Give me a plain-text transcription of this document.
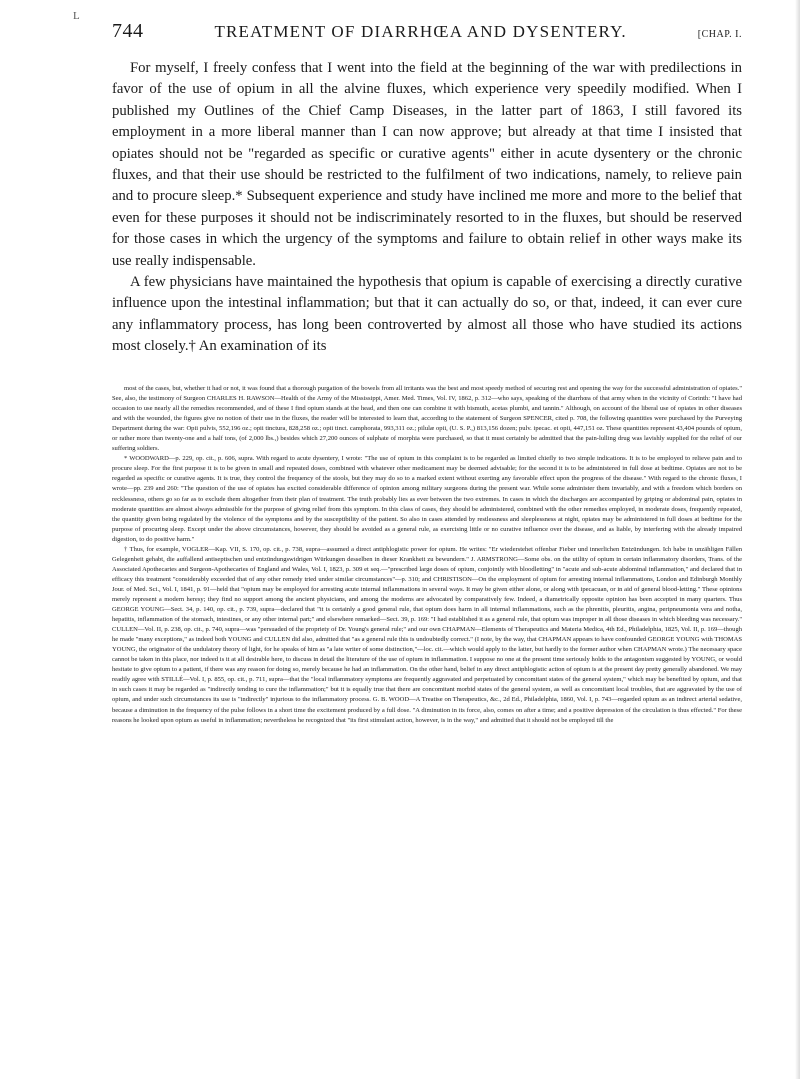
L
744	TREATMENT OF DIARRHŒA AND DYSENTERY.	[CHAP. I.

For myself, I freely confess that I went into the field at the beginning of the war with predilections in favor of the use of opium in all the alvine fluxes, which experience very speedily modified. When I published my Outlines of the Chief Camp Diseases, in the latter part of 1863, I still favored its employment in a more liberal manner than I can now approve; but already at that time I insisted that opiates should not be "regarded as specific or curative agents" either in acute dysentery or the chronic fluxes, and that their use should be restricted to the fulfilment of two indications, namely, to relieve pain and to procure sleep.* Subsequent experience and study have inclined me more and more to the belief that even for these purposes it should not be indiscriminately resorted to in the fluxes, but should be reserved for those cases in which the urgency of the symptoms and failure to obtain relief in other ways make its use really indispensable.

A few physicians have maintained the hypothesis that opium is capable of exercising a directly curative influence upon the intestinal inflammation; but that it can actually do so, or that, indeed, it can ever cure any inflammatory process, has long been controverted by almost all those who have studied its actions most closely.† An examination of its

most of the cases, but, whether it had or not, it was found that a thorough purgation of the bowels from all irritants was the best and most speedy method of securing rest and opening the way for the successful administration of opiates." See, also, the testimony of Surgeon CHARLES H. RAWSON—Health of the Army of the Mississippi, Amer. Med. Times, Vol. IV, 1862, p. 312—who says, speaking of the diarrhœa of that army when in the vicinity of Corinth: "I have had occasion to use nearly all the remedies recommended, and of these I find opium stands at the head, and then one can combine it with bismuth, acetas plumbi, and tannin." Although, on account of the liberal use of opiates in other diseases and with the wounded, the figures give no notion of their use in the fluxes, the reader will be interested to learn that, according to the statement of Surgeon SPENCER, cited p. 708, the following quantities were purchased by the Purveying Department during the war: Opii pulvis, 552,196 oz.; opii tinctura, 828,258 oz.; opii tinct. camphorata, 993,311 oz.; pilulæ opii, (U. S. P.,) 813,156 dozen; pulv. ipecac. et opii, 447,151 oz. These quantities represent 43,404 pounds of opium, or rather more than twenty-one and a half tons, (of 2,000 lbs.,) besides which 27,200 ounces of sulphate of morphia were purchased, so that it must certainly be admitted that the pain-lulling drug was lavishly supplied for the relief of our suffering soldiers.

* WOODWARD—p. 229, op. cit., p. 606, supra. With regard to acute dysentery, I wrote: "The use of opium in this complaint is to be regarded as limited chiefly to two simple indications. It is to be employed to relieve pain and to procure sleep. For the first purpose it is to be given in small and repeated doses, combined with whatever other medicament may be deemed advisable; for the second it is to be administered in full dose at bedtime. Opiates are not to be regarded as specific or curative agents. It is true, they control the frequency of the stools, but they may do so to a marked extent without exerting any favorable effect upon the progress of the disease." With regard to the chronic fluxes, I wrote—pp. 239 and 260: "The question of the use of opiates has excited considerable difference of opinion among military surgeons during the present war. While some administer them invariably, and with a freedom which borders on recklessness, others go so far as to exclude them altogether from their plan of treatment. The truth probably lies as ever between the two extremes. In cases in which the discharges are accompanied by griping or abdominal pain, opiates in moderate quantities are almost always admissible for the purpose of giving relief from this symptom. In this class of cases, they should be administered, combined with the other remedies employed, in moderate doses, frequently repeated, the quantity given being regulated by the violence of the symptoms and by the susceptibility of the patient. So also in cases attended by restlessness and sleeplessness at night, opiates may be administered in full doses at bedtime for the purpose of procuring sleep. Except under the above circumstances, however, they should be avoided as a general rule, as exercising little or no curative influence over the disease, and as liable, by interfering with the already impaired digestion, to do positive harm."

† Thus, for example, VOGLER—Kap. VII, S. 170, op. cit., p. 738, supra—assumed a direct antiphlogistic power for opium. He writes: "Er wiederstehet offenbar Fieber und innerlichen Entzündungen. Ich habe in unzähligen Fällen Gelegenheit gehabt, die auffallend antiseptischen und entzündungswidrigen Würkungen desselben in dieser Krankheit zu bewundern." J. ARMSTRONG—Some obs. on the utility of opium in certain inflammatory disorders, Trans. of the Associated Apothecaries and Surgeon-Apothecaries of England and Wales, Vol. I, 1823, p. 309 et seq.—"prescribed large doses of opium, conjointly with bloodletting" in "acute and sub-acute abdominal inflammation," and declared that in efficacy this treatment "considerably exceeded that of any other remedy tried under similar circumstances"—p. 310; and CHRISTISON—On the employment of opium for arresting internal inflammations, London and Edinburgh Monthly Jour. of Med. Sci., Vol. I, 1841, p. 91—held that "opium may be employed for arresting acute internal inflammations in several ways. It may be given either alone, or along with ipecacuan, or in aid of general blood-letting." These opinions merely represent a modern heresy; they find no support among the ancient physicians, and among the moderns are advocated by comparatively few. Indeed, a diametrically opposite opinion has been accepted in many quarters. Thus GEORGE YOUNG—Sect. 34, p. 140, op. cit., p. 739, supra—declared that "it is certainly a good general rule, that opium does harm in all internal inflammations, such as the phrenitis, pleuritis, angina, peripneumonia vera and notha, hepatitis, inflammation of the stomach, intestines, or any other internal part;" and elsewhere remarked—Sect. 39, p. 169: "I had established it as a general rule, that opium was improper in all those diseases in which bleeding was necessary." CULLEN—Vol. II, p. 238, op. cit., p. 740, supra—was "persuaded of the propriety of Dr. Young's general rule;" and our own CHAPMAN—Elements of Therapeutics and Materia Medica, 4th Ed., Philadelphia, 1825, Vol. II, p. 169—though he made "many exceptions," as indeed both YOUNG and CULLEN did also, admitted that "as a general rule this is undoubtedly correct." (I note, by the way, that CHAPMAN appears to have confounded GEORGE YOUNG with THOMAS YOUNG, the originator of the undulatory theory of light, for he speaks of him as "a late writer of some distinction,"—loc. cit.—which would apply to the latter, but hardly to the former author when CHAPMAN wrote.) The necessary space cannot be taken in this place, nor indeed is it at all desirable here, to discuss in detail the literature of the use of opium in inflammation. I suppose no one at the present time seriously holds to the antagonism suggested by YOUNG, or would hesitate to give opium to a patient, if there was any reason for doing so, merely because he had an inflammation. On the other hand, belief in any direct antiphlogistic action of opium is at the present day pretty generally abandoned. We may readily agree with STILLÉ—Vol. I, p. 855, op. cit., p. 711, supra—that the "local inflammatory symptoms are frequently aggravated and perpetuated by concomitant states of the general system," which may be benefited by opium, and that in such cases it may be regarded as "indirectly tending to cure the inflammation;" but it is equally true that there are concomitant morbid states of the general system, as well as concomitant local troubles, that are aggravated by the use of opium, and under such circumstances its use is "indirectly" injurious to the inflammatory process. G. B. WOOD—A Treatise on Therapeutics, &c., 2d Ed., Philadelphia, 1860, Vol. I, p. 743—regarded opium as an indirect arterial sedative, because a diminution in the frequency of the pulse follows in a short time the excitement produced by a full dose. "A diminution in its force, also, comes on after a time; and a positive depression of the circulation is thus effected." For these reasons he looked upon opium as useful in inflammation; nevertheless he recognized that "its first stimulant action, however, is in the way," and admitted that it should not be employed till the
